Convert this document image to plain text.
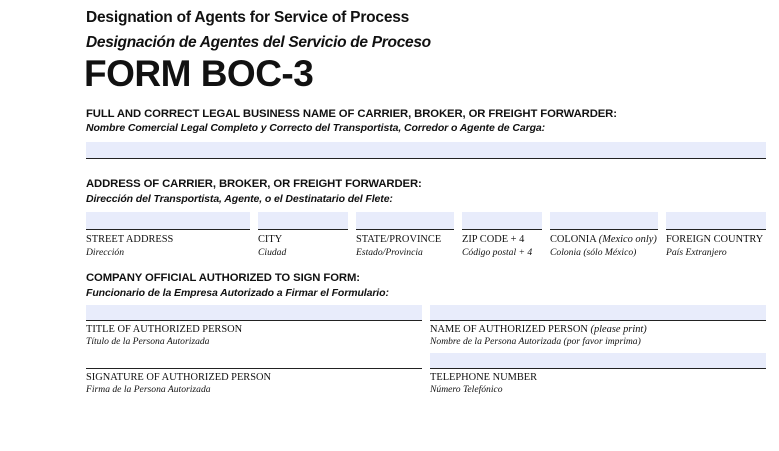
Designation of Agents for Service of Process
Designación de Agentes del Servicio de Proceso
FORM BOC-3
FULL AND CORRECT LEGAL BUSINESS NAME OF CARRIER, BROKER, OR FREIGHT FORWARDER:
Nombre Comercial Legal Completo y Correcto del Transportista, Corredor o Agente de Carga:
ADDRESS OF CARRIER, BROKER, OR FREIGHT FORWARDER:
Dirección del Transportista, Agente, o el Destinatario del Flete:
STREET ADDRESS
Dirección
CITY
Ciudad
STATE/PROVINCE
Estado/Provincia
ZIP CODE + 4
Código postal + 4
COLONIA (Mexico only)
Colonia (sólo México)
FOREIGN COUNTRY
País Extranjero
COMPANY OFFICIAL AUTHORIZED TO SIGN FORM:
Funcionario de la Empresa Autorizado a Firmar el Formulario:
TITLE OF AUTHORIZED PERSON
Título de la Persona Autorizada
NAME OF AUTHORIZED PERSON (please print)
Nombre de la Persona Autorizada (por favor imprima)
SIGNATURE OF AUTHORIZED PERSON
Firma de la Persona Autorizada
TELEPHONE NUMBER
Número Telefónico
